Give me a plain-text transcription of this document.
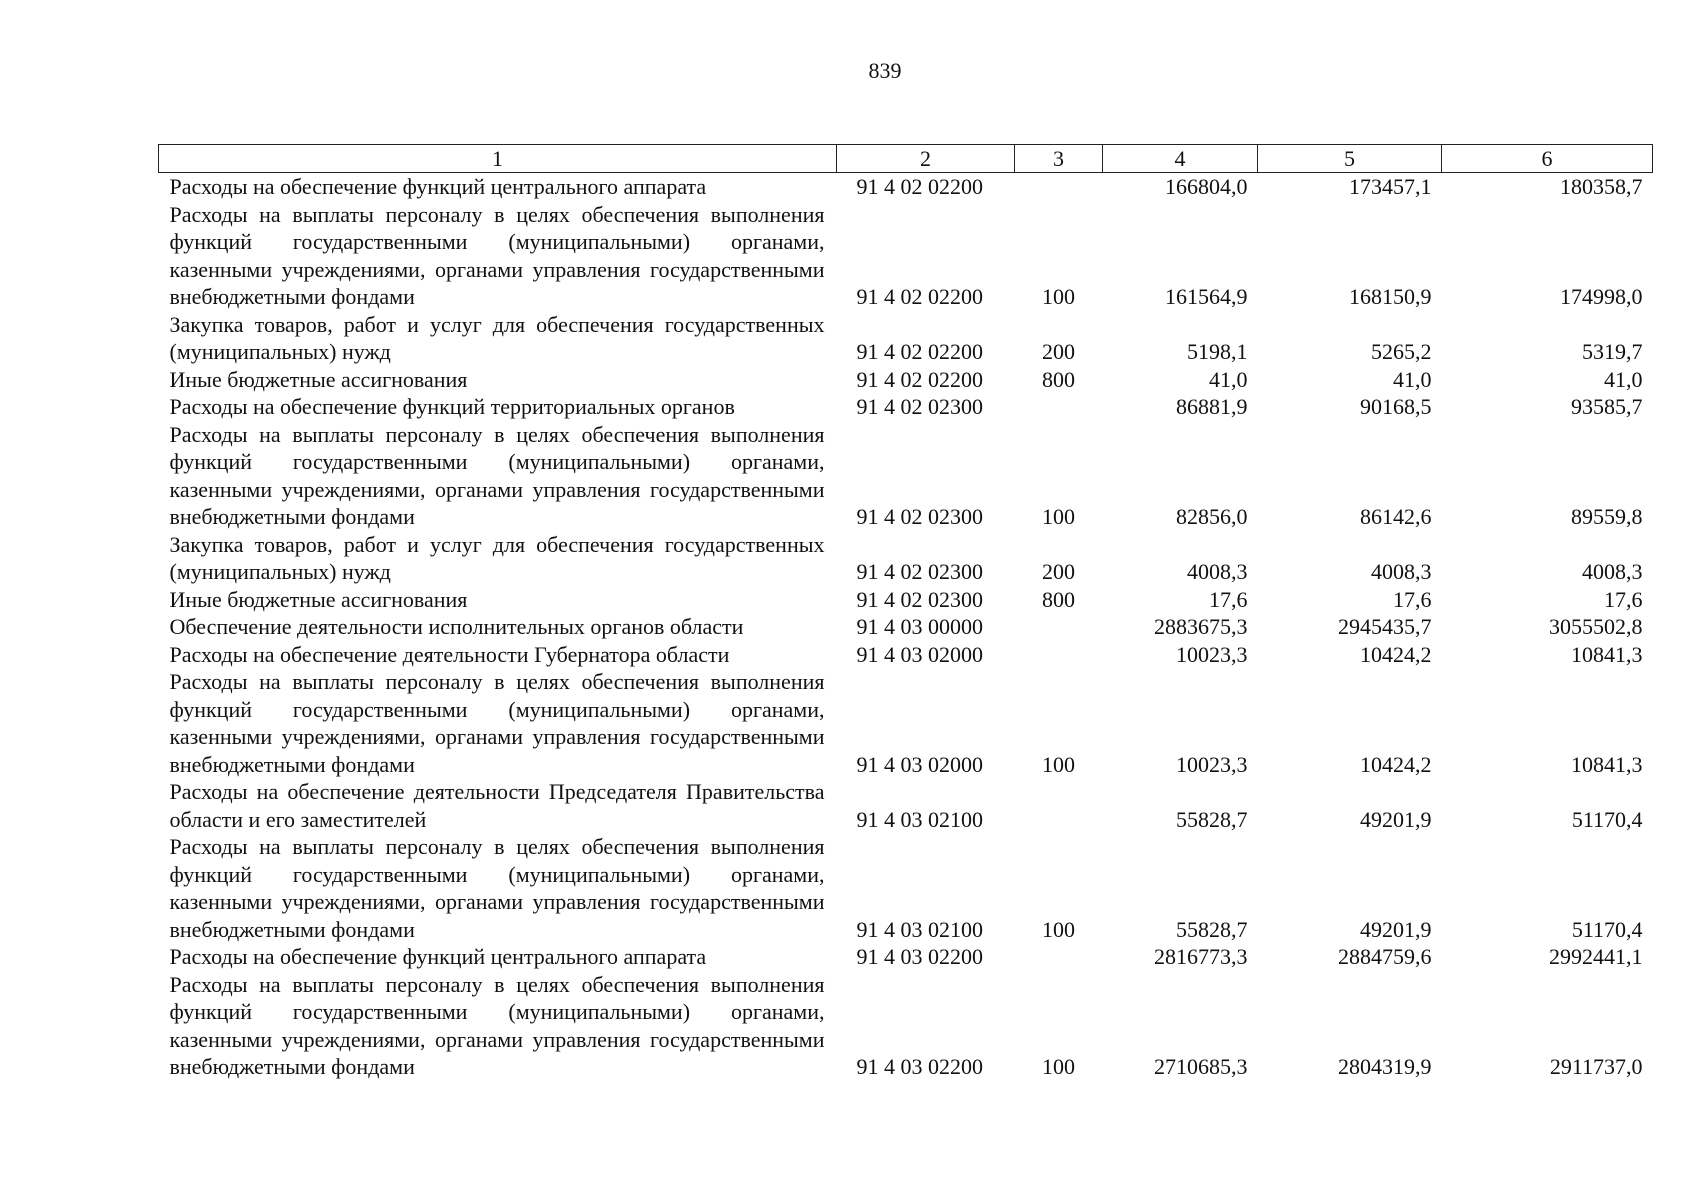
839
1	2	3	4	5	6
Расходы на обеспечение функций центрального аппарата	91 4 02 02200		166804,0	173457,1	180358,7
Расходы на выплаты персоналу в целях обеспечения выполнения функций государственными (муниципальными) органами, казенными учреждениями, органами управления государственными внебюджетными фондами	91 4 02 02200	100	161564,9	168150,9	174998,0
Закупка товаров, работ и услуг для обеспечения государственных (муниципальных) нужд	91 4 02 02200	200	5198,1	5265,2	5319,7
Иные бюджетные ассигнования	91 4 02 02200	800	41,0	41,0	41,0
Расходы на обеспечение функций территориальных органов	91 4 02 02300		86881,9	90168,5	93585,7
Расходы на выплаты персоналу в целях обеспечения выполнения функций государственными (муниципальными) органами, казенными учреждениями, органами управления государственными внебюджетными фондами	91 4 02 02300	100	82856,0	86142,6	89559,8
Закупка товаров, работ и услуг для обеспечения государственных (муниципальных) нужд	91 4 02 02300	200	4008,3	4008,3	4008,3
Иные бюджетные ассигнования	91 4 02 02300	800	17,6	17,6	17,6
Обеспечение деятельности исполнительных органов области	91 4 03 00000		2883675,3	2945435,7	3055502,8
Расходы на обеспечение деятельности Губернатора области	91 4 03 02000		10023,3	10424,2	10841,3
Расходы на выплаты персоналу в целях обеспечения выполнения функций государственными (муниципальными) органами, казенными учреждениями, органами управления государственными внебюджетными фондами	91 4 03 02000	100	10023,3	10424,2	10841,3
Расходы на обеспечение деятельности Председателя Правительства области и его заместителей	91 4 03 02100		55828,7	49201,9	51170,4
Расходы на выплаты персоналу в целях обеспечения выполнения функций государственными (муниципальными) органами, казенными учреждениями, органами управления государственными внебюджетными фондами	91 4 03 02100	100	55828,7	49201,9	51170,4
Расходы на обеспечение функций центрального аппарата	91 4 03 02200		2816773,3	2884759,6	2992441,1
Расходы на выплаты персоналу в целях обеспечения выполнения функций государственными (муниципальными) органами, казенными учреждениями, органами управления государственными внебюджетными фондами	91 4 03 02200	100	2710685,3	2804319,9	2911737,0
